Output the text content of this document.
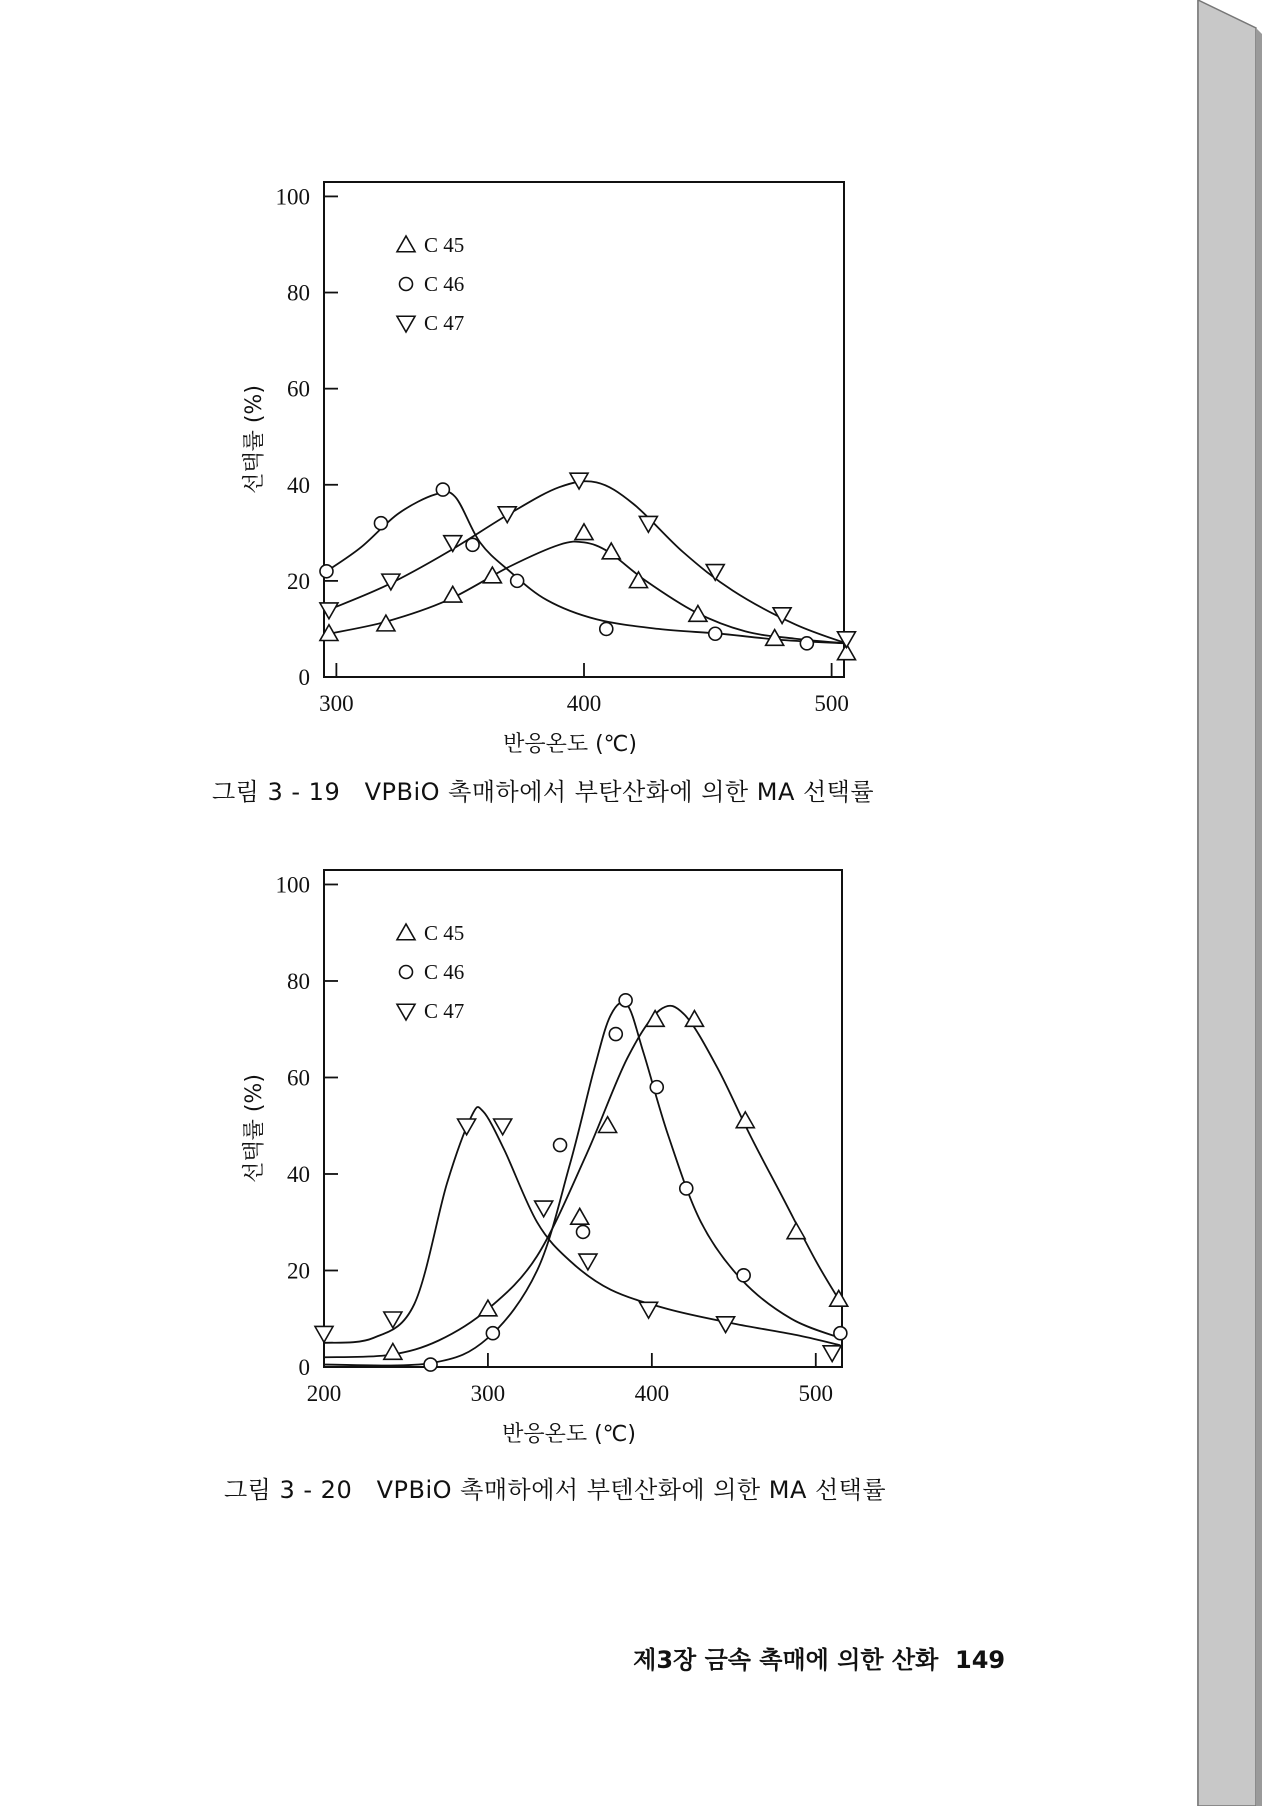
0
20
40
60
80
100
300	400	500
반응온도 (℃)
선택률 (%)
C 45
C 46
C 47
그림 3 - 19   VPBiO 촉매하에서 부탄산화에 의한 MA 선택률
0
20
40
60
80
100
200	300	400	500
반응온도 (℃)
선택률 (%)
C 45
C 46
C 47
그림 3 - 20   VPBiO 촉매하에서 부텐산화에 의한 MA 선택률

제3장 금속 촉매에 의한 산화 149
